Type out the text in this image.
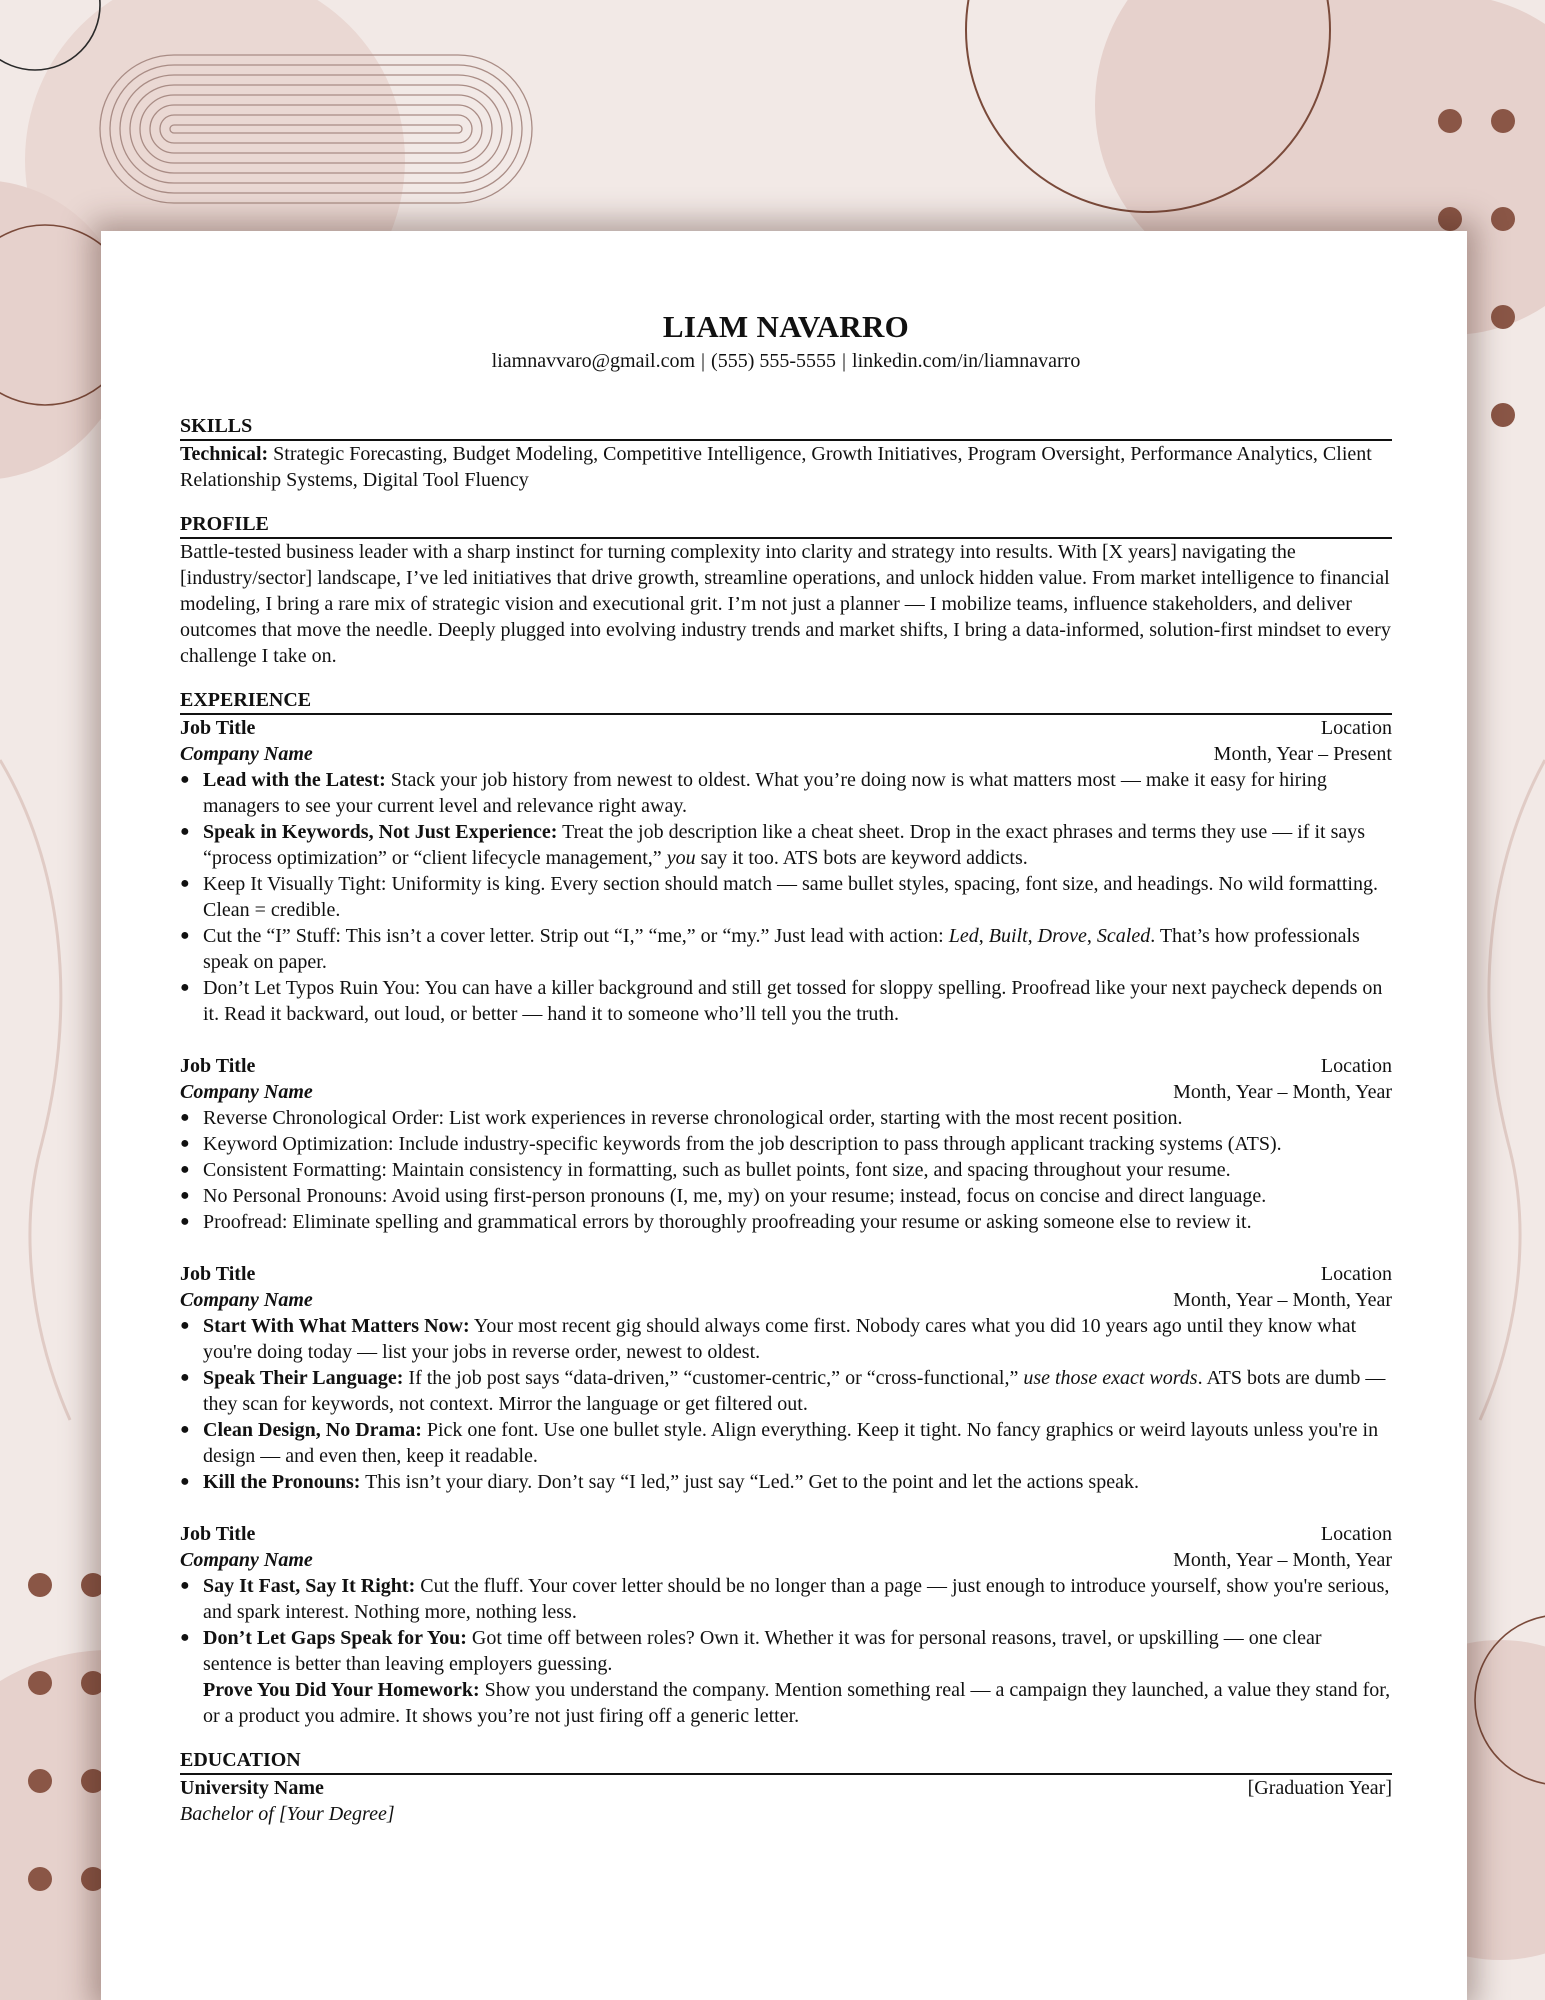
LIAM NAVARRO
liamnavvaro@gmail.com | (555) 555-5555 | linkedin.com/in/liamnavarro
SKILLS
Technical: Strategic Forecasting, Budget Modeling, Competitive Intelligence, Growth Initiatives, Program Oversight, Performance Analytics, Client Relationship Systems, Digital Tool Fluency
PROFILE
Battle-tested business leader with a sharp instinct for turning complexity into clarity and strategy into results. With [X years] navigating the [industry/sector] landscape, I’ve led initiatives that drive growth, streamline operations, and unlock hidden value. From market intelligence to financial modeling, I bring a rare mix of strategic vision and executional grit. I’m not just a planner — I mobilize teams, influence stakeholders, and deliver outcomes that move the needle. Deeply plugged into evolving industry trends and market shifts, I bring a data-informed, solution-first mindset to every challenge I take on.
EXPERIENCE
Job Title	Location
Company Name	Month, Year – Present
● Lead with the Latest: Stack your job history from newest to oldest. What you’re doing now is what matters most — make it easy for hiring managers to see your current level and relevance right away.
● Speak in Keywords, Not Just Experience: Treat the job description like a cheat sheet. Drop in the exact phrases and terms they use — if it says “process optimization” or “client lifecycle management,” you say it too. ATS bots are keyword addicts.
● Keep It Visually Tight: Uniformity is king. Every section should match — same bullet styles, spacing, font size, and headings. No wild formatting. Clean = credible.
● Cut the “I” Stuff: This isn’t a cover letter. Strip out “I,” “me,” or “my.” Just lead with action: Led, Built, Drove, Scaled. That’s how professionals speak on paper.
● Don’t Let Typos Ruin You: You can have a killer background and still get tossed for sloppy spelling. Proofread like your next paycheck depends on it. Read it backward, out loud, or better — hand it to someone who’ll tell you the truth.
Job Title	Location
Company Name	Month, Year – Month, Year
● Reverse Chronological Order: List work experiences in reverse chronological order, starting with the most recent position.
● Keyword Optimization: Include industry-specific keywords from the job description to pass through applicant tracking systems (ATS).
● Consistent Formatting: Maintain consistency in formatting, such as bullet points, font size, and spacing throughout your resume.
● No Personal Pronouns: Avoid using first-person pronouns (I, me, my) on your resume; instead, focus on concise and direct language.
● Proofread: Eliminate spelling and grammatical errors by thoroughly proofreading your resume or asking someone else to review it.
Job Title	Location
Company Name	Month, Year – Month, Year
● Start With What Matters Now: Your most recent gig should always come first. Nobody cares what you did 10 years ago until they know what you're doing today — list your jobs in reverse order, newest to oldest.
● Speak Their Language: If the job post says “data-driven,” “customer-centric,” or “cross-functional,” use those exact words. ATS bots are dumb — they scan for keywords, not context. Mirror the language or get filtered out.
● Clean Design, No Drama: Pick one font. Use one bullet style. Align everything. Keep it tight. No fancy graphics or weird layouts unless you're in design — and even then, keep it readable.
● Kill the Pronouns: This isn’t your diary. Don’t say “I led,” just say “Led.” Get to the point and let the actions speak.
Job Title	Location
Company Name	Month, Year – Month, Year
● Say It Fast, Say It Right: Cut the fluff. Your cover letter should be no longer than a page — just enough to introduce yourself, show you're serious, and spark interest. Nothing more, nothing less.
● Don’t Let Gaps Speak for You: Got time off between roles? Own it. Whether it was for personal reasons, travel, or upskilling — one clear sentence is better than leaving employers guessing.
Prove You Did Your Homework: Show you understand the company. Mention something real — a campaign they launched, a value they stand for, or a product you admire. It shows you’re not just firing off a generic letter.
EDUCATION
University Name	[Graduation Year]
Bachelor of [Your Degree]
